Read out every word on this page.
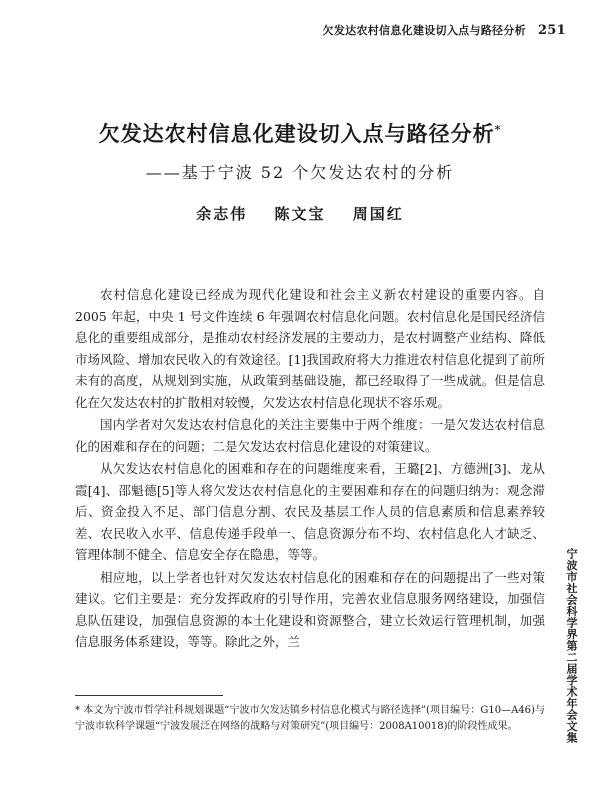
欠发达农村信息化建设切入点与路径分析 251
欠发达农村信息化建设切入点与路径分析*
——基于宁波 52 个欠发达农村的分析
余志伟 陈文宝 周国红

农村信息化建设已经成为现代化建设和社会主义新农村建设的重要内容。自 2005 年起，中央 1 号文件连续 6 年强调农村信息化问题。农村信息化是国民经济信息化的重要组成部分，是推动农村经济发展的主要动力，是农村调整产业结构、降低市场风险、增加农民收入的有效途径。[1]我国政府将大力推进农村信息化提到了前所未有的高度，从规划到实施，从政策到基础设施，都已经取得了一些成就。但是信息化在欠发达农村的扩散相对较慢，欠发达农村信息化现状不容乐观。

国内学者对欠发达农村信息化的关注主要集中于两个维度：一是欠发达农村信息化的困难和存在的问题；二是欠发达农村信息化建设的对策建议。

从欠发达农村信息化的困难和存在的问题维度来看，王璐[2]、方德洲[3]、龙从霞[4]、邵魁德[5]等人将欠发达农村信息化的主要困难和存在的问题归纳为：观念滞后、资金投入不足、部门信息分割、农民及基层工作人员的信息素质和信息素养较差、农民收入水平、信息传递手段单一、信息资源分布不均、农村信息化人才缺乏、管理体制不健全、信息安全存在隐患，等等。

相应地，以上学者也针对欠发达农村信息化的困难和存在的问题提出了一些对策建议。它们主要是：充分发挥政府的引导作用，完善农业信息服务网络建设，加强信息队伍建设，加强信息资源的本土化建设和资源整合，建立长效运行管理机制，加强信息服务体系建设，等等。除此之外，兰

* 本文为宁波市哲学社科规划课题“宁波市欠发达镇乡村信息化模式与路径选择”(项目编号：G10—A46)与宁波市软科学课题“宁波发展泛在网络的战略与对策研究”(项目编号：2008A10018)的阶段性成果。	宁波市社会科学界第二届学术年会文集
